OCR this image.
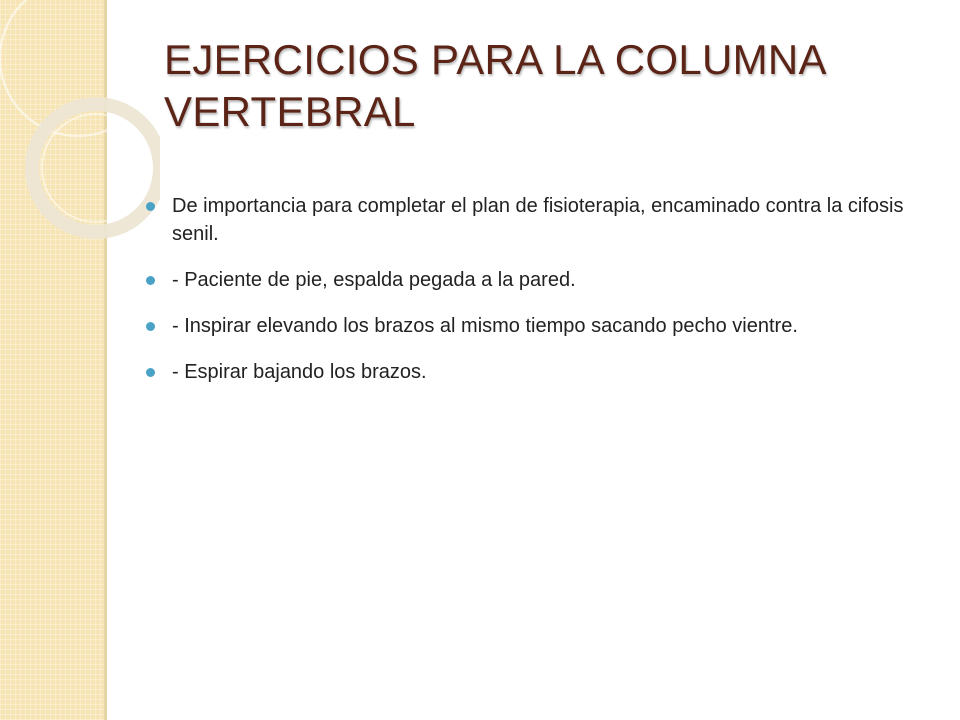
EJERCICIOS PARA LA COLUMNA VERTEBRAL
De importancia para completar el plan de fisioterapia, encaminado contra la cifosis senil.
- Paciente de pie, espalda pegada a la pared.
- Inspirar elevando los brazos al mismo tiempo sacando pecho vientre.
- Espirar bajando los brazos.
